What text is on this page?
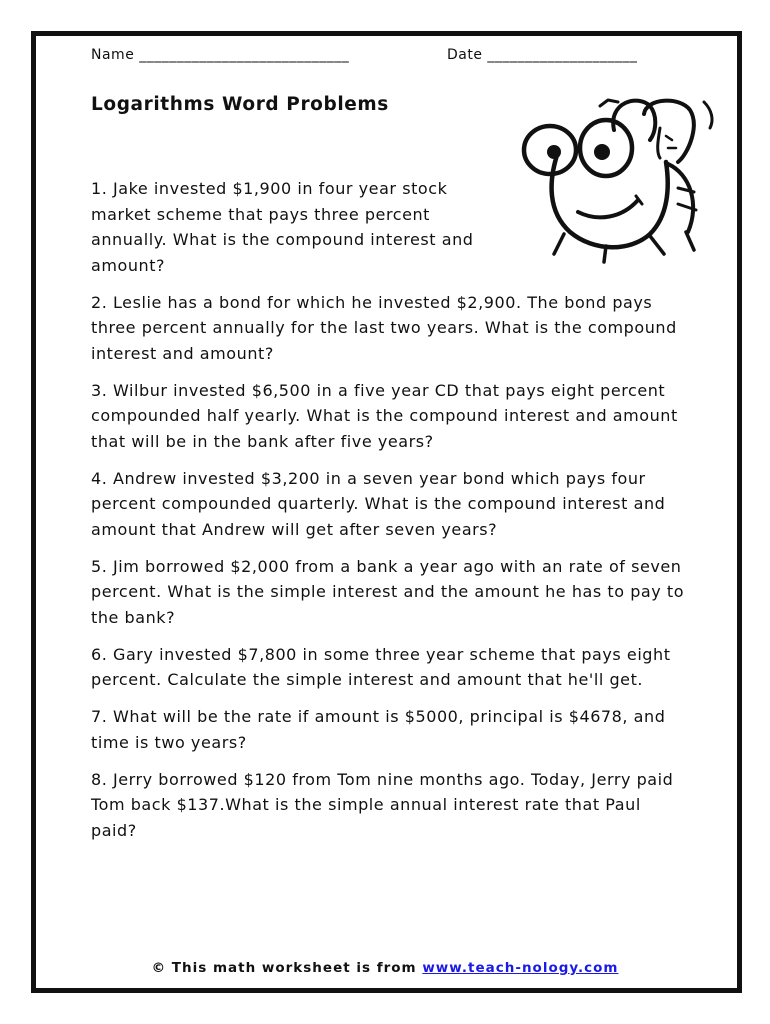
Name ____________________________	Date ____________________
Logarithms Word Problems
1. Jake invested $1,900 in four year stock market scheme that pays three percent annually. What is the compound interest and amount?
2. Leslie has a bond for which he invested $2,900. The bond pays three percent annually for the last two years. What is the compound interest and amount?
3. Wilbur invested $6,500 in a five year CD that pays eight percent compounded half yearly. What is the compound interest and amount that will be in the bank after five years?
4. Andrew invested $3,200 in a seven year bond which pays four percent compounded quarterly. What is the compound interest and amount that Andrew will get after seven years?
5. Jim borrowed $2,000 from a bank a year ago with an rate of seven percent. What is the simple interest and the amount he has to pay to the bank?
6. Gary invested $7,800 in some three year scheme that pays eight percent. Calculate the simple interest and amount that he'll get.
7. What will be the rate if amount is $5000, principal is $4678, and time is two years?
8. Jerry borrowed $120 from Tom nine months ago. Today, Jerry paid Tom back $137.What is the simple annual interest rate that Paul paid?
© This math worksheet is from www.teach-nology.com
